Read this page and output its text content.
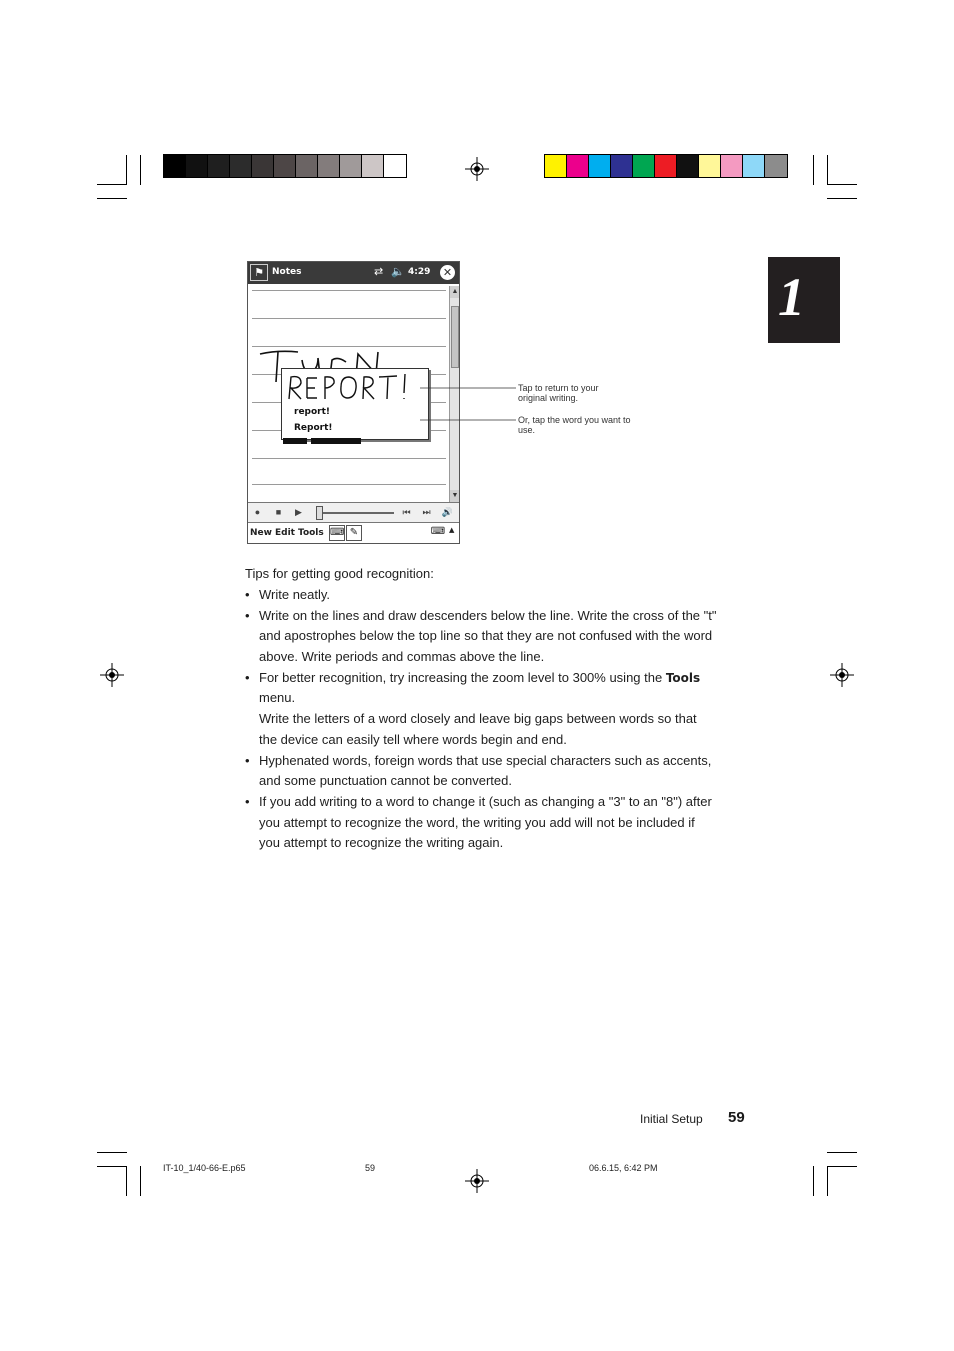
1
⚑ Notes	⇄ 🔈 4:29 ✕
▲
▼
report!
Report!
●	■	▶	⏮ ⏭ 🔊
New Edit Tools ⌨ ✎	⌨ ▲
Tap to return to your original writing.
Or, tap the word you want to use.
Tips for getting good recognition:
• Write neatly.
• Write on the lines and draw descenders below the line. Write the cross of the "t"
and apostrophes below the top line so that they are not confused with the word
above. Write periods and commas above the line.
• For better recognition, try increasing the zoom level to 300% using the Tools
menu.
Write the letters of a word closely and leave big gaps between words so that
the device can easily tell where words begin and end.
• Hyphenated words, foreign words that use special characters such as accents,
and some punctuation cannot be converted.
• If you add writing to a word to change it (such as changing a "3" to an "8") after
you attempt to recognize the word, the writing you add will not be included if
you attempt to recognize the writing again.
Initial Setup 59
IT-10_1/40-66-E.p65	59	06.6.15, 6:42 PM
